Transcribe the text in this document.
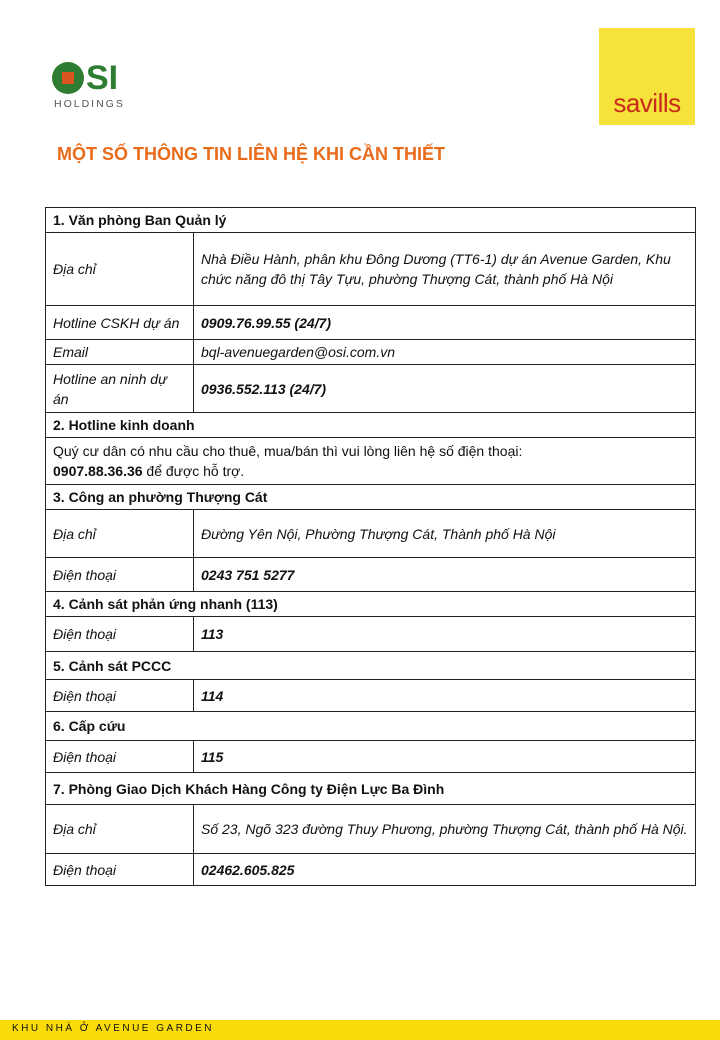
SI
HOLDINGS	savills
MỘT SỐ THÔNG TIN LIÊN HỆ KHI CẦN THIẾT
1. Văn phòng Ban Quản lý	
Địa chỉ	Nhà Điều Hành, phân khu Đông Dương (TT6-1) dự án Avenue Garden, Khu chức năng đô thị Tây Tựu, phường Thượng Cát, thành phố Hà Nội
Hotline CSKH dự án	0909.76.99.55 (24/7)
Email	bql-avenuegarden@osi.com.vn
Hotline an ninh dự án	0936.552.113 (24/7)
2. Hotline kinh doanh	
Quý cư dân có nhu cầu cho thuê, mua/bán thì vui lòng liên hệ số điện thoại:
0907.88.36.36 để được hỗ trợ.	
3. Công an phường Thượng Cát	
Địa chỉ	Đường Yên Nội, Phường Thượng Cát, Thành phố Hà Nội
Điện thoại	0243 751 5277
4. Cảnh sát phản ứng nhanh (113)	
Điện thoại	113
5. Cảnh sát PCCC	
Điện thoại	114
6. Cấp cứu	
Điện thoại	115
7. Phòng Giao Dịch Khách Hàng Công ty Điện Lực Ba Đình	
Địa chỉ	Số 23, Ngõ 323 đường Thuy Phương, phường Thượng Cát, thành phố Hà Nội.
Điện thoại	02462.605.825
KHU NHÀ Ở AVENUE GARDEN
